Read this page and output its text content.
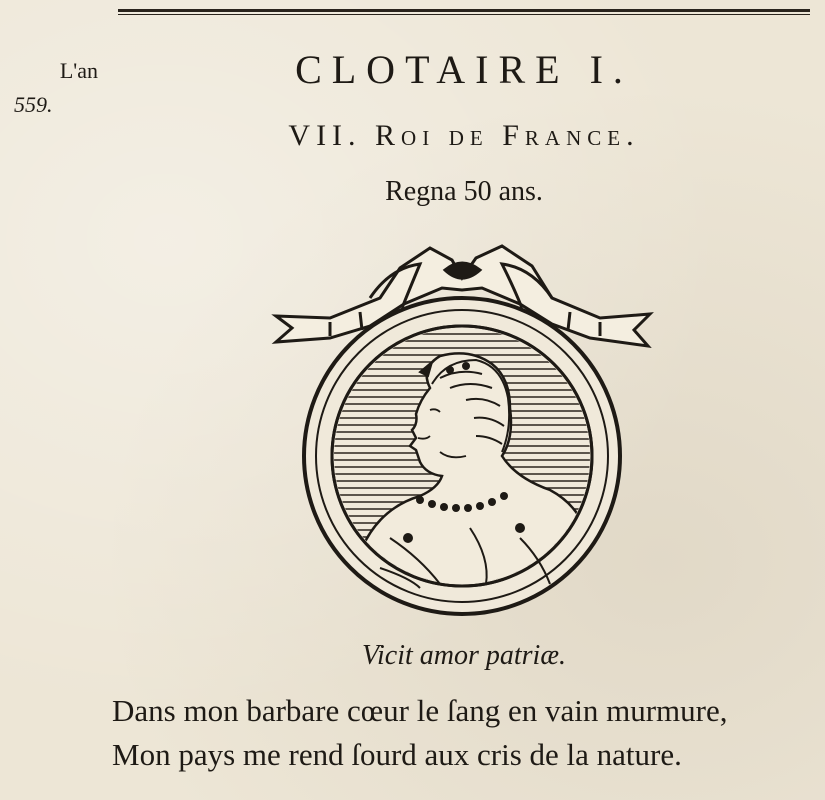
L'an
559.
CLOTAIRE I.
VII. Roi de France.
Regna 50 ans.
Vicit amor patriæ.
Dans mon barbare cœur le ſang en vain murmure,
Mon pays me rend ſourd aux cris de la nature.
